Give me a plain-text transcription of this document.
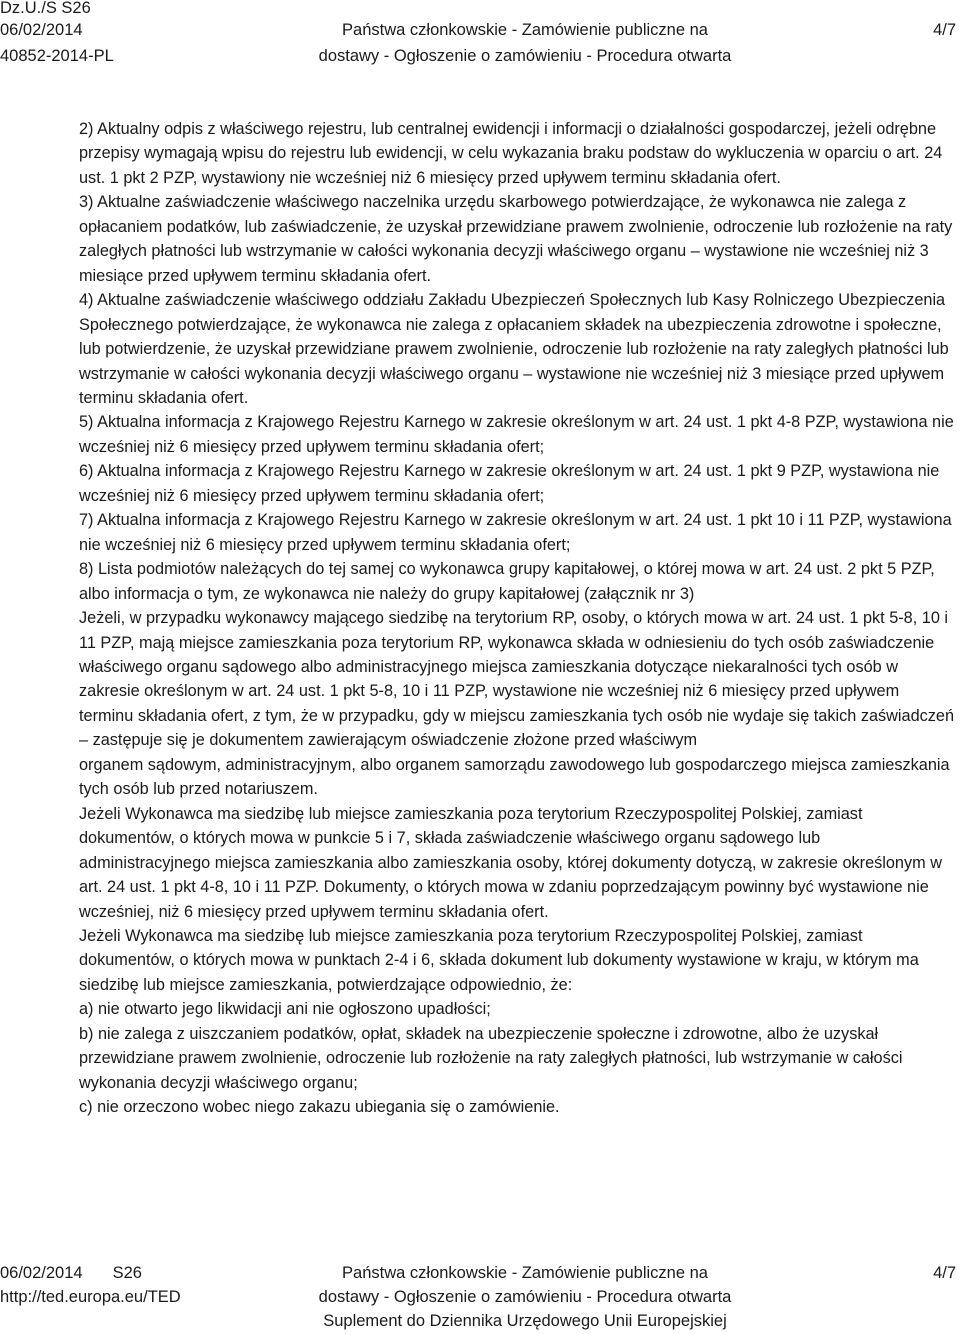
Dz.U./S S26
06/02/2014
40852-2014-PL
Państwa członkowskie - Zamówienie publiczne na
dostawy - Ogłoszenie o zamówieniu - Procedura otwarta
4/7

2) Aktualny odpis z właściwego rejestru, lub centralnej ewidencji i informacji o działalności gospodarczej, jeżeli odrębne przepisy wymagają wpisu do rejestru lub ewidencji, w celu wykazania braku podstaw do wykluczenia w oparciu o art. 24 ust. 1 pkt 2 PZP, wystawiony nie wcześniej niż 6 miesięcy przed upływem terminu składania ofert.

3) Aktualne zaświadczenie właściwego naczelnika urzędu skarbowego potwierdzające, że wykonawca nie zalega z opłacaniem podatków, lub zaświadczenie, że uzyskał przewidziane prawem zwolnienie, odroczenie lub rozłożenie na raty zaległych płatności lub wstrzymanie w całości wykonania decyzji właściwego organu – wystawione nie wcześniej niż 3 miesiące przed upływem terminu składania ofert.

4) Aktualne zaświadczenie właściwego oddziału Zakładu Ubezpieczeń Społecznych lub Kasy Rolniczego Ubezpieczenia Społecznego potwierdzające, że wykonawca nie zalega z opłacaniem składek na ubezpieczenia zdrowotne i społeczne, lub potwierdzenie, że uzyskał przewidziane prawem zwolnienie, odroczenie lub rozłożenie na raty zaległych płatności lub wstrzymanie w całości wykonania decyzji właściwego organu – wystawione nie wcześniej niż 3 miesiące przed upływem terminu składania ofert.

5) Aktualna informacja z Krajowego Rejestru Karnego w zakresie określonym w art. 24 ust. 1 pkt 4-8 PZP, wystawiona nie wcześniej niż 6 miesięcy przed upływem terminu składania ofert;

6) Aktualna informacja z Krajowego Rejestru Karnego w zakresie określonym w art. 24 ust. 1 pkt 9 PZP, wystawiona nie wcześniej niż 6 miesięcy przed upływem terminu składania ofert;

7) Aktualna informacja z Krajowego Rejestru Karnego w zakresie określonym w art. 24 ust. 1 pkt 10 i 11 PZP, wystawiona nie wcześniej niż 6 miesięcy przed upływem terminu składania ofert;

8) Lista podmiotów należących do tej samej co wykonawca grupy kapitałowej, o której mowa w art. 24 ust. 2 pkt 5 PZP, albo informacja o tym, ze wykonawca nie należy do grupy kapitałowej (załącznik nr 3)

Jeżeli, w przypadku wykonawcy mającego siedzibę na terytorium RP, osoby, o których mowa w art. 24 ust. 1 pkt 5-8, 10 i 11 PZP, mają miejsce zamieszkania poza terytorium RP, wykonawca składa w odniesieniu do tych osób zaświadczenie właściwego organu sądowego albo administracyjnego miejsca zamieszkania dotyczące niekaralności tych osób w zakresie określonym w art. 24 ust. 1 pkt 5-8, 10 i 11 PZP, wystawione nie wcześniej niż 6 miesięcy przed upływem terminu składania ofert, z tym, że w przypadku, gdy w miejscu zamieszkania tych osób nie wydaje się takich zaświadczeń – zastępuje się je dokumentem zawierającym oświadczenie złożone przed właściwym

organem sądowym, administracyjnym, albo organem samorządu zawodowego lub gospodarczego miejsca zamieszkania tych osób lub przed notariuszem.

Jeżeli Wykonawca ma siedzibę lub miejsce zamieszkania poza terytorium Rzeczypospolitej Polskiej, zamiast dokumentów, o których mowa w punkcie 5 i 7, składa zaświadczenie właściwego organu sądowego lub administracyjnego miejsca zamieszkania albo zamieszkania osoby, której dokumenty dotyczą, w zakresie określonym w art. 24 ust. 1 pkt 4-8, 10 i 11 PZP. Dokumenty, o których mowa w zdaniu poprzedzającym powinny być wystawione nie wcześniej, niż 6 miesięcy przed upływem terminu składania ofert.

Jeżeli Wykonawca ma siedzibę lub miejsce zamieszkania poza terytorium Rzeczypospolitej Polskiej, zamiast dokumentów, o których mowa w punktach 2-4 i 6, składa dokument lub dokumenty wystawione w kraju, w którym ma siedzibę lub miejsce zamieszkania, potwierdzające odpowiednio, że:

a) nie otwarto jego likwidacji ani nie ogłoszono upadłości;

b) nie zalega z uiszczaniem podatków, opłat, składek na ubezpieczenie społeczne i zdrowotne, albo że uzyskał przewidziane prawem zwolnienie, odroczenie lub rozłożenie na raty zaległych płatności, lub wstrzymanie w całości wykonania decyzji właściwego organu;

c) nie orzeczono wobec niego zakazu ubiegania się o zamówienie.

06/02/2014 S26
http://ted.europa.eu/TED
Państwa członkowskie - Zamówienie publiczne na
dostawy - Ogłoszenie o zamówieniu - Procedura otwarta
Suplement do Dziennika Urzędowego Unii Europejskiej
4/7
